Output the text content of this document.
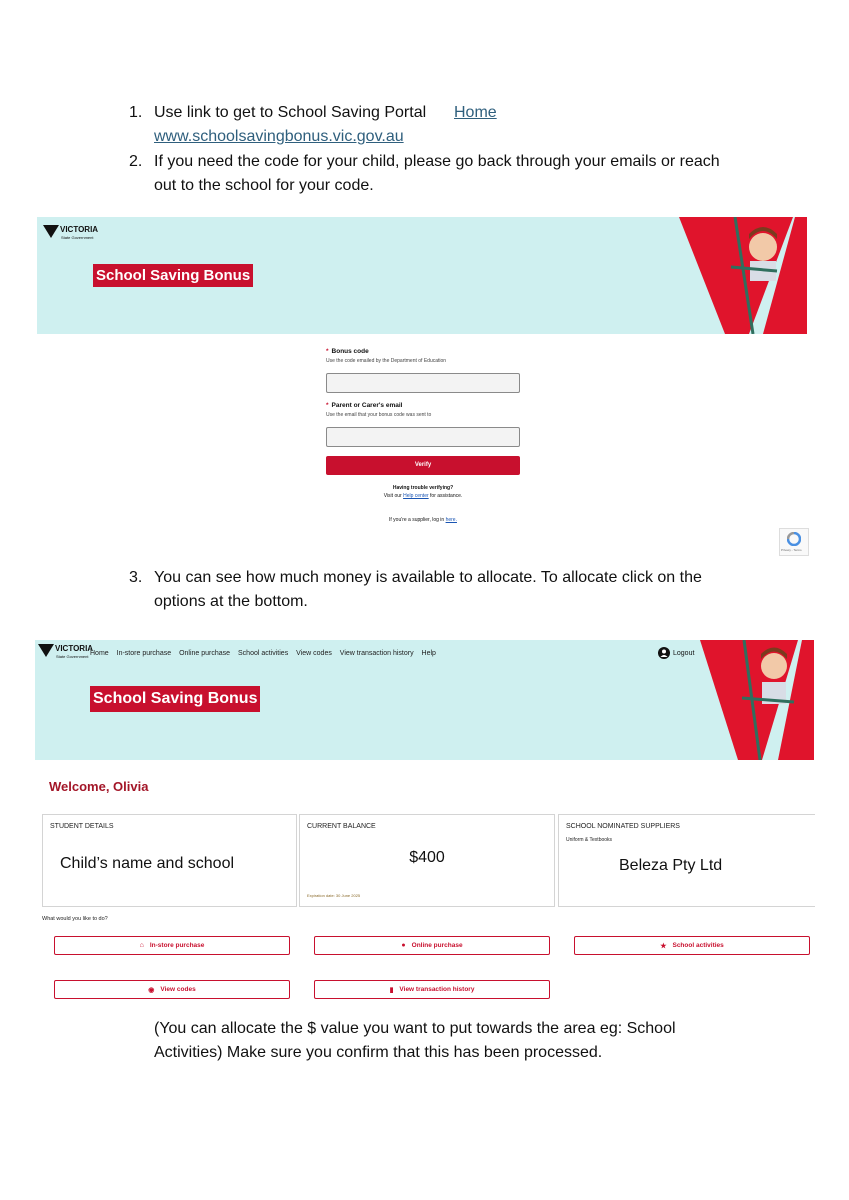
1. Use link to get to School Saving Portal Home
www.schoolsavingbonus.vic.gov.au
2. If you need the code for your child, please go back through your emails or reach
out to the school for your code.
VICTORIA
State Government
School Saving Bonus
* Bonus code
Use the code emailed by the Department of Education
* Parent or Carer's email
Use the email that your bonus code was sent to
Verify
Having trouble verifying?
Visit our Help center for assistance.
If you're a supplier, log in here.
Privacy - Terms
3. You can see how much money is available to allocate. To allocate click on the
options at the bottom.
VICTORIA
State Government Home In-store purchase Online purchase School activities View codes View transaction history Help	Logout
School Saving Bonus
Welcome, Olivia
STUDENT DETAILS
Child’s name and school
CURRENT BALANCE
$400
Expiration date: 30 June 2025
SCHOOL NOMINATED SUPPLIERS
Uniform & Textbooks
Beleza Pty Ltd
What would you like to do?
⌂ In-store purchase	● Online purchase	★ School activities
◉ View codes	▮ View transaction history
(You can allocate the $ value you want to put towards the area eg: School
Activities) Make sure you confirm that this has been processed.
